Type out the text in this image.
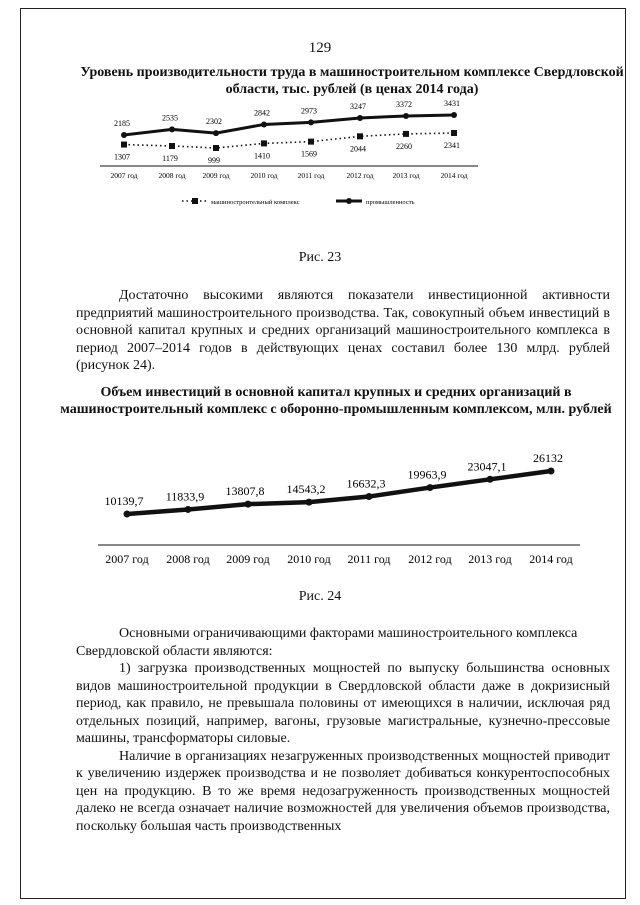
129
Уровень производительности труда в машиностроительном комплексе Свердловской области, тыс. рублей (в ценах 2014 года)
2185
2535	2302
2842	2973	3247	3372	3431
1307	1179	999
1410	1569
2044	2260	2341
2007 год	2008 год 2009 год	2010 год	2011 год	2012 год	2013 год	2014 год
машиностроительный комплекс	промышленность
Рис. 23

Достаточно высокими являются показатели инвестиционной активности предприятий машиностроительного производства. Так, совокупный объем инвестиций в основной капитал крупных и средних организаций машиностроительного комплекса в период 2007–2014 годов в действующих ценах составил более 130 млрд. рублей (рисунок 24).

Объем инвестиций в основной капитал крупных и средних организаций в машиностроительный комплекс с оборонно-промышленным комплексом, млн. рублей
10139,7 11833,9 13807,8 14543,2 16632,3
19963,9
23047,1
26132
2007 год 2008 год 2009 год 2010 год 2011 год 2012 год 2013 год 2014 год
Рис. 24

Основными ограничивающими факторами машиностроительного комплекса

Свердловской области являются:

1) загрузка производственных мощностей по выпуску большинства основных видов машиностроительной продукции в Свердловской области даже в докризисный период, как правило, не превышала половины от имеющихся в наличии, исключая ряд отдельных позиций, например, вагоны, грузовые магистральные, кузнечно-прессовые машины, трансформаторы силовые.

Наличие в организациях незагруженных производственных мощностей приводит к увеличению издержек производства и не позволяет добиваться конкурентоспособных цен на продукцию. В то же время недозагруженность производственных мощностей далеко не всегда означает наличие возможностей для увеличения объемов производства, поскольку большая часть производственных
